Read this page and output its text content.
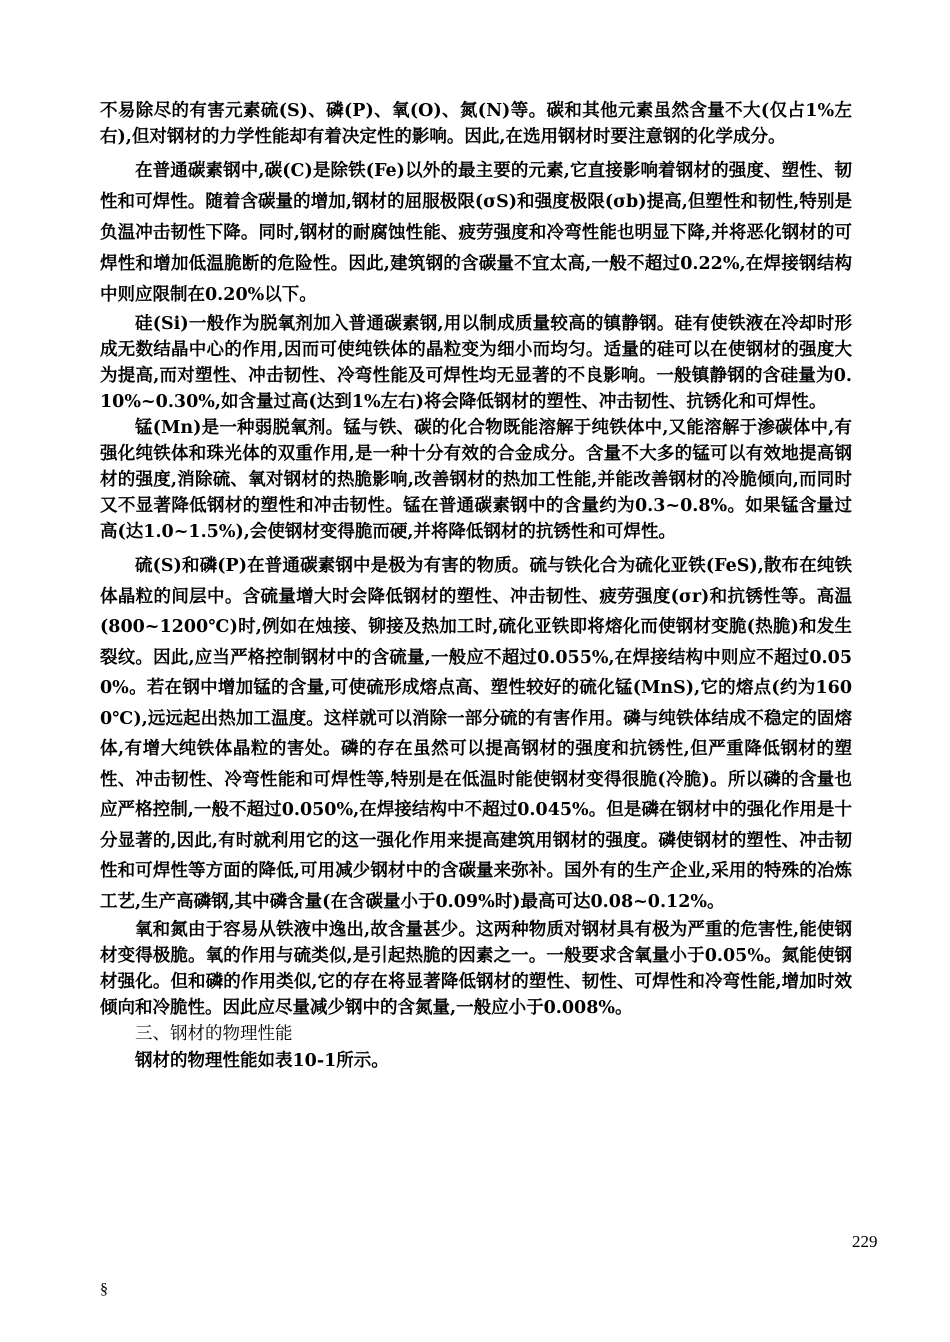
不易除尽的有害元素硫(S)、磷(P)、氧(O)、氮(N)等。碳和其他元素虽然含量不大(仅占1%左右),但对钢材的力学性能却有着决定性的影响。因此,在选用钢材时要注意钢的化学成分。

在普通碳素钢中,碳(C)是除铁(Fe)以外的最主要的元素,它直接影响着钢材的强度、塑性、韧性和可焊性。随着含碳量的增加,钢材的屈服极限(σS)和强度极限(σb)提高,但塑性和韧性,特别是负温冲击韧性下降。同时,钢材的耐腐蚀性能、疲劳强度和冷弯性能也明显下降,并将恶化钢材的可焊性和增加低温脆断的危险性。因此,建筑钢的含碳量不宜太高,一般不超过0.22%,在焊接钢结构中则应限制在0.20%以下。

硅(Si)一般作为脱氧剂加入普通碳素钢,用以制成质量较高的镇静钢。硅有使铁液在冷却时形成无数结晶中心的作用,因而可使纯铁体的晶粒变为细小而均匀。适量的硅可以在使钢材的强度大为提高,而对塑性、冲击韧性、冷弯性能及可焊性均无显著的不良影响。一般镇静钢的含硅量为0.10%~0.30%,如含量过高(达到1%左右)将会降低钢材的塑性、冲击韧性、抗锈化和可焊性。

锰(Mn)是一种弱脱氧剂。锰与铁、碳的化合物既能溶解于纯铁体中,又能溶解于渗碳体中,有强化纯铁体和珠光体的双重作用,是一种十分有效的合金成分。含量不大多的锰可以有效地提高钢材的强度,消除硫、氧对钢材的热脆影响,改善钢材的热加工性能,并能改善钢材的冷脆倾向,而同时又不显著降低钢材的塑性和冲击韧性。锰在普通碳素钢中的含量约为0.3~0.8%。如果锰含量过高(达1.0~1.5%),会使钢材变得脆而硬,并将降低钢材的抗锈性和可焊性。

硫(S)和磷(P)在普通碳素钢中是极为有害的物质。硫与铁化合为硫化亚铁(FeS),散布在纯铁体晶粒的间层中。含硫量增大时会降低钢材的塑性、冲击韧性、疲劳强度(σr)和抗锈性等。高温(800~1200℃)时,例如在烛接、铆接及热加工时,硫化亚铁即将熔化而使钢材变脆(热脆)和发生裂纹。因此,应当严格控制钢材中的含硫量,一般应不超过0.055%,在焊接结构中则应不超过0.050%。若在钢中增加锰的含量,可使硫形成熔点高、塑性较好的硫化锰(MnS),它的熔点(约为1600℃),远远起出热加工温度。这样就可以消除一部分硫的有害作用。磷与纯铁体结成不稳定的固熔体,有增大纯铁体晶粒的害处。磷的存在虽然可以提高钢材的强度和抗锈性,但严重降低钢材的塑性、冲击韧性、冷弯性能和可焊性等,特别是在低温时能使钢材变得很脆(冷脆)。所以磷的含量也应严格控制,一般不超过0.050%,在焊接结构中不超过0.045%。但是磷在钢材中的强化作用是十分显著的,因此,有时就利用它的这一强化作用来提高建筑用钢材的强度。磷使钢材的塑性、冲击韧性和可焊性等方面的降低,可用减少钢材中的含碳量来弥补。国外有的生产企业,采用的特殊的冶炼工艺,生产高磷钢,其中磷含量(在含碳量小于0.09%时)最高可达0.08~0.12%。

氧和氮由于容易从铁液中逸出,故含量甚少。这两种物质对钢材具有极为严重的危害性,能使钢材变得极脆。氧的作用与硫类似,是引起热脆的因素之一。一般要求含氧量小于0.05%。氮能使钢材强化。但和磷的作用类似,它的存在将显著降低钢材的塑性、韧性、可焊性和冷弯性能,增加时效倾向和冷脆性。因此应尽量减少钢中的含氮量,一般应小于0.008%。

三、钢材的物理性能

钢材的物理性能如表10-1所示。

229
§
